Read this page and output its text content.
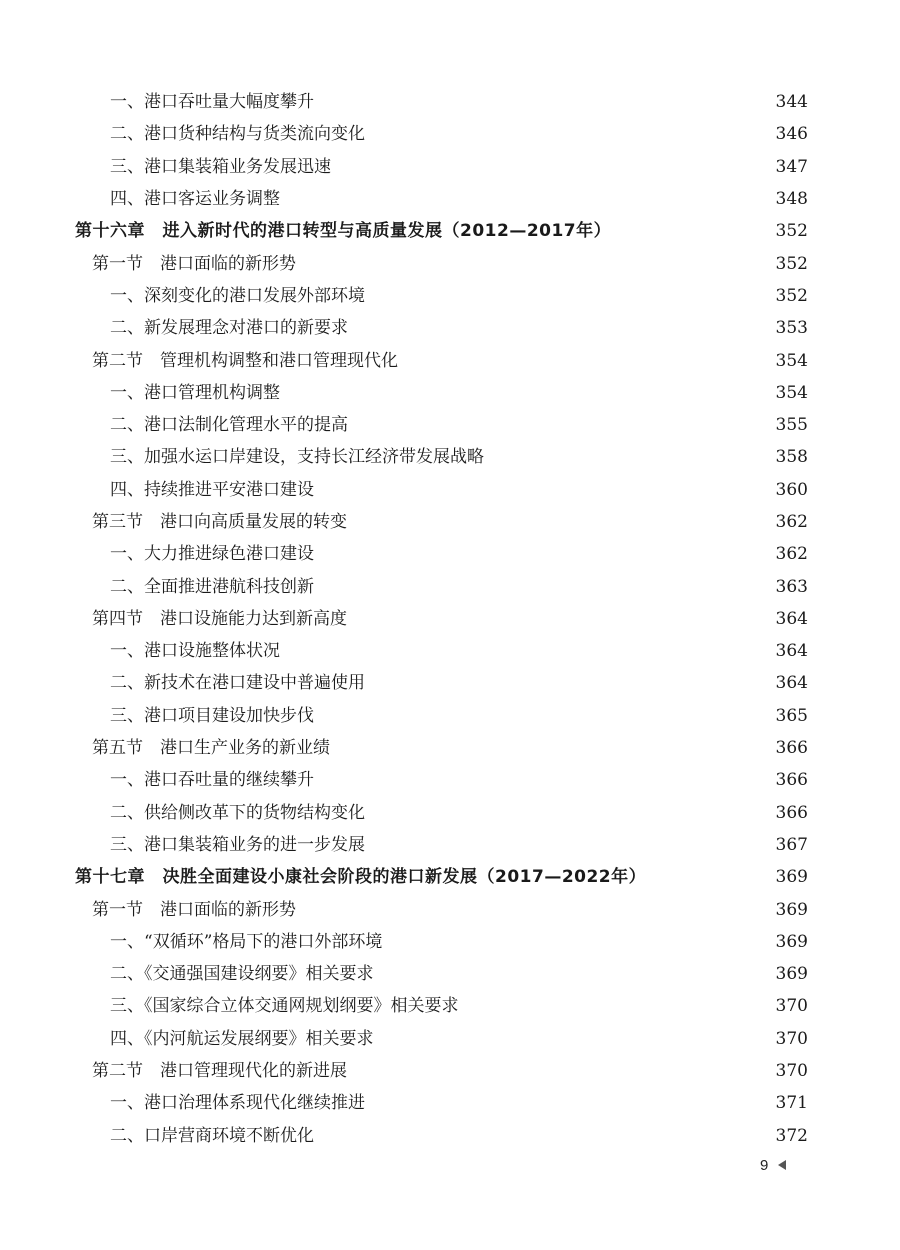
一、港口吞吐量大幅度攀升	344
二、港口货种结构与货类流向变化	346
三、港口集装箱业务发展迅速	347
四、港口客运业务调整	348
第十六章　进入新时代的港口转型与高质量发展（2012—2017年）	352
第一节　港口面临的新形势	352
一、深刻变化的港口发展外部环境	352
二、新发展理念对港口的新要求	353
第二节　管理机构调整和港口管理现代化	354
一、港口管理机构调整	354
二、港口法制化管理水平的提高	355
三、加强水运口岸建设，支持长江经济带发展战略	358
四、持续推进平安港口建设	360
第三节　港口向高质量发展的转变	362
一、大力推进绿色港口建设	362
二、全面推进港航科技创新	363
第四节　港口设施能力达到新高度	364
一、港口设施整体状况	364
二、新技术在港口建设中普遍使用	364
三、港口项目建设加快步伐	365
第五节　港口生产业务的新业绩	366
一、港口吞吐量的继续攀升	366
二、供给侧改革下的货物结构变化	366
三、港口集装箱业务的进一步发展	367
第十七章　决胜全面建设小康社会阶段的港口新发展（2017—2022年）	369
第一节　港口面临的新形势	369
一、“双循环”格局下的港口外部环境	369
二、《交通强国建设纲要》相关要求	369
三、《国家综合立体交通网规划纲要》相关要求	370
四、《内河航运发展纲要》相关要求	370
第二节　港口管理现代化的新进展	370
一、港口治理体系现代化继续推进	371
二、口岸营商环境不断优化	372
9
